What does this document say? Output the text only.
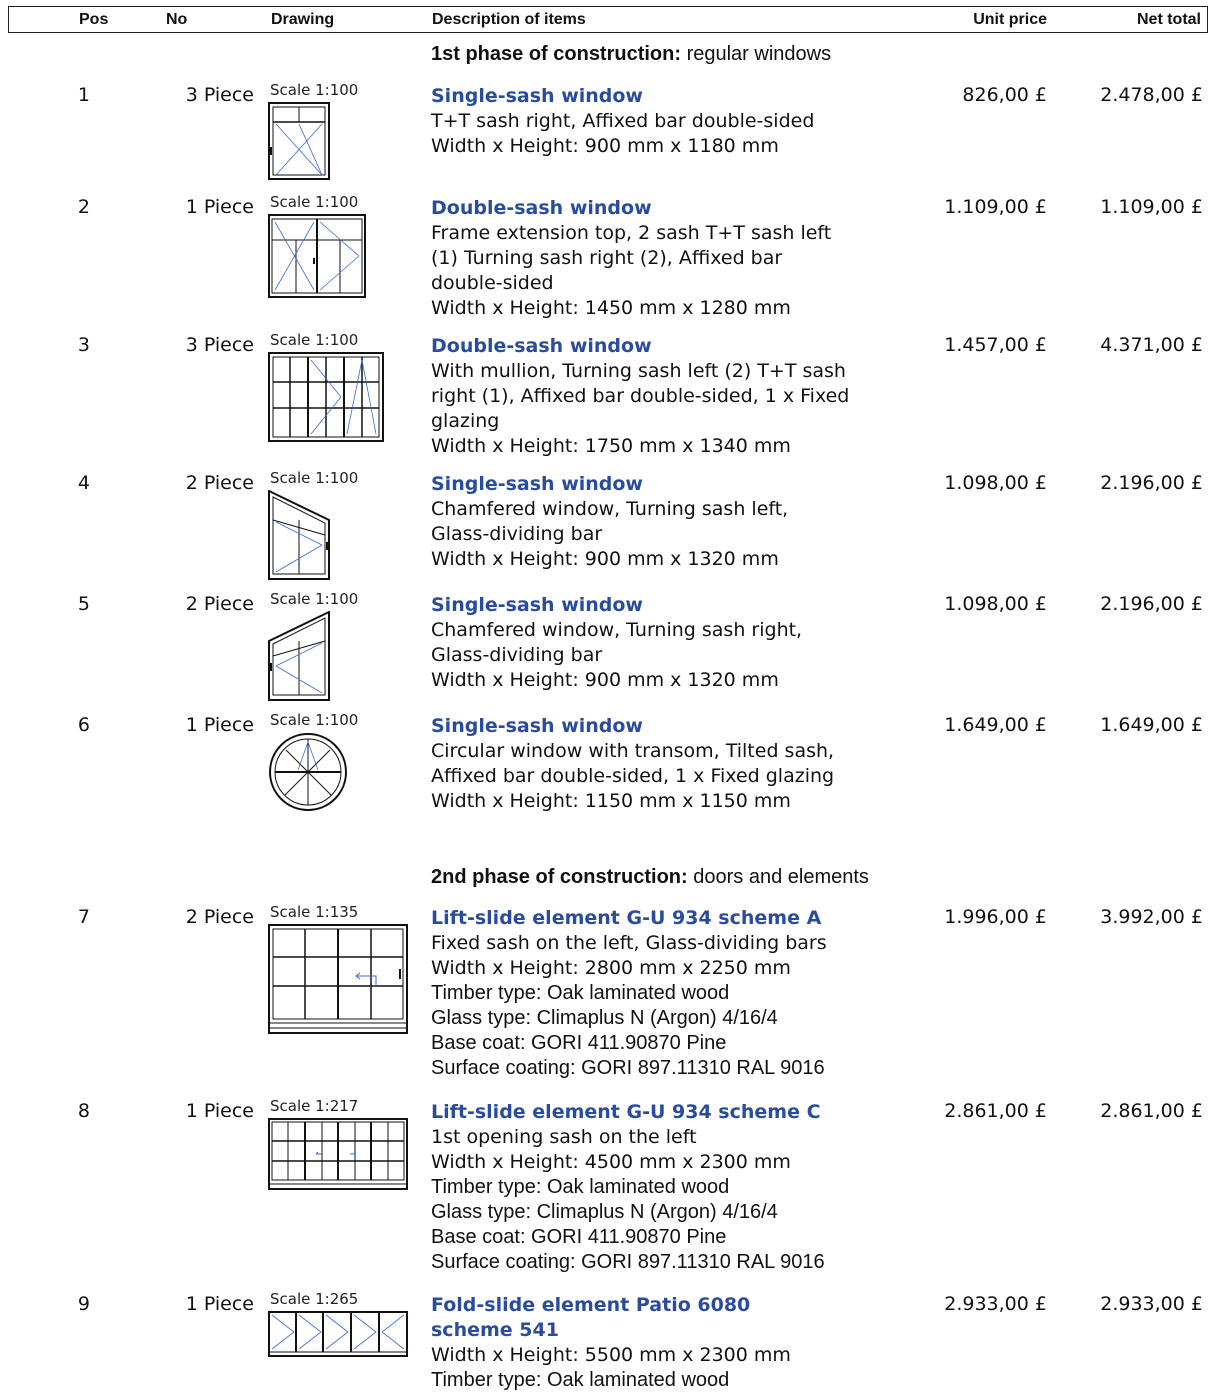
Pos	No	Drawing	Description of items	Unit price	Net total
1st phase of construction: regular windows
1	3 Piece Scale 1:100	Single-sash window
T+T sash right, Affixed bar double-sided
Width x Height: 900 mm x 1180 mm
826,00 £	2.478,00 £
2	1 Piece Scale 1:100	Double-sash window
Frame extension top, 2 sash T+T sash left
(1) Turning sash right (2), Affixed bar
double-sided
Width x Height: 1450 mm x 1280 mm
1.109,00 £	1.109,00 £
3	3 Piece Scale 1:100	Double-sash window
With mullion, Turning sash left (2) T+T sash
right (1), Affixed bar double-sided, 1 x Fixed
glazing
Width x Height: 1750 mm x 1340 mm
1.457,00 £	4.371,00 £
4	2 Piece Scale 1:100	Single-sash window
Chamfered window, Turning sash left,
Glass-dividing bar
Width x Height: 900 mm x 1320 mm
1.098,00 £	2.196,00 £
5	2 Piece Scale 1:100	Single-sash window
Chamfered window, Turning sash right,
Glass-dividing bar
Width x Height: 900 mm x 1320 mm
1.098,00 £	2.196,00 £
6	1 Piece Scale 1:100	Single-sash window
Circular window with transom, Tilted sash,
Affixed bar double-sided, 1 x Fixed glazing
Width x Height: 1150 mm x 1150 mm
1.649,00 £	1.649,00 £
2nd phase of construction: doors and elements
7	2 Piece Scale 1:135	Lift-slide element G-U 934 scheme A
Fixed sash on the left, Glass-dividing bars
Width x Height: 2800 mm x 2250 mm
Timber type: Oak laminated wood
Glass type: Climaplus N (Argon) 4/16/4
Base coat: GORI 411.90870 Pine
Surface coating: GORI 897.11310 RAL 9016
1.996,00 £	3.992,00 £
8	1 Piece Scale 1:217	Lift-slide element G-U 934 scheme C
1st opening sash on the left
Width x Height: 4500 mm x 2300 mm
Timber type: Oak laminated wood
Glass type: Climaplus N (Argon) 4/16/4
Base coat: GORI 411.90870 Pine
Surface coating: GORI 897.11310 RAL 9016
2.861,00 £	2.861,00 £
9	1 Piece Scale 1:265	Fold-slide element Patio 6080
scheme 541
Width x Height: 5500 mm x 2300 mm
Timber type: Oak laminated wood
2.933,00 £	2.933,00 £
